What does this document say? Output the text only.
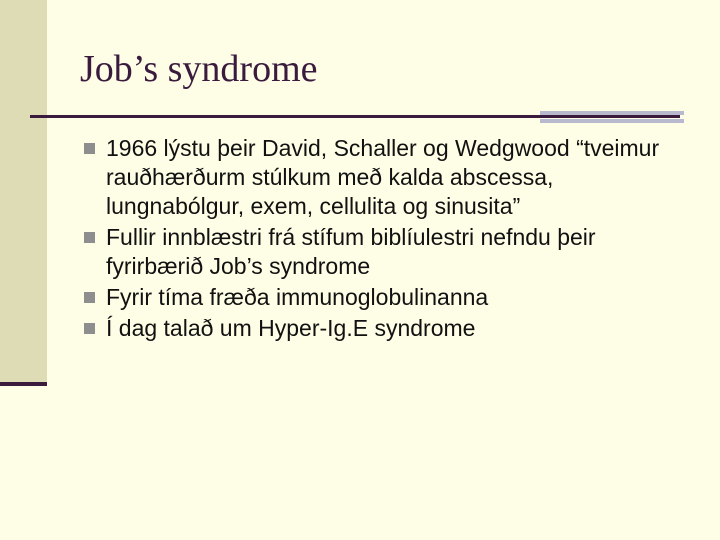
Job’s syndrome
1966 lýstu þeir David, Schaller og Wedgwood “tveimur rauðhærðurm stúlkum með kalda abscessa, lungnabólgur, exem, cellulita og sinusita”
Fullir innblæstri frá stífum biblíulestri nefndu þeir fyrirbærið Job’s syndrome
Fyrir tíma fræða immunoglobulinanna
Í dag talað um Hyper-Ig.E syndrome
